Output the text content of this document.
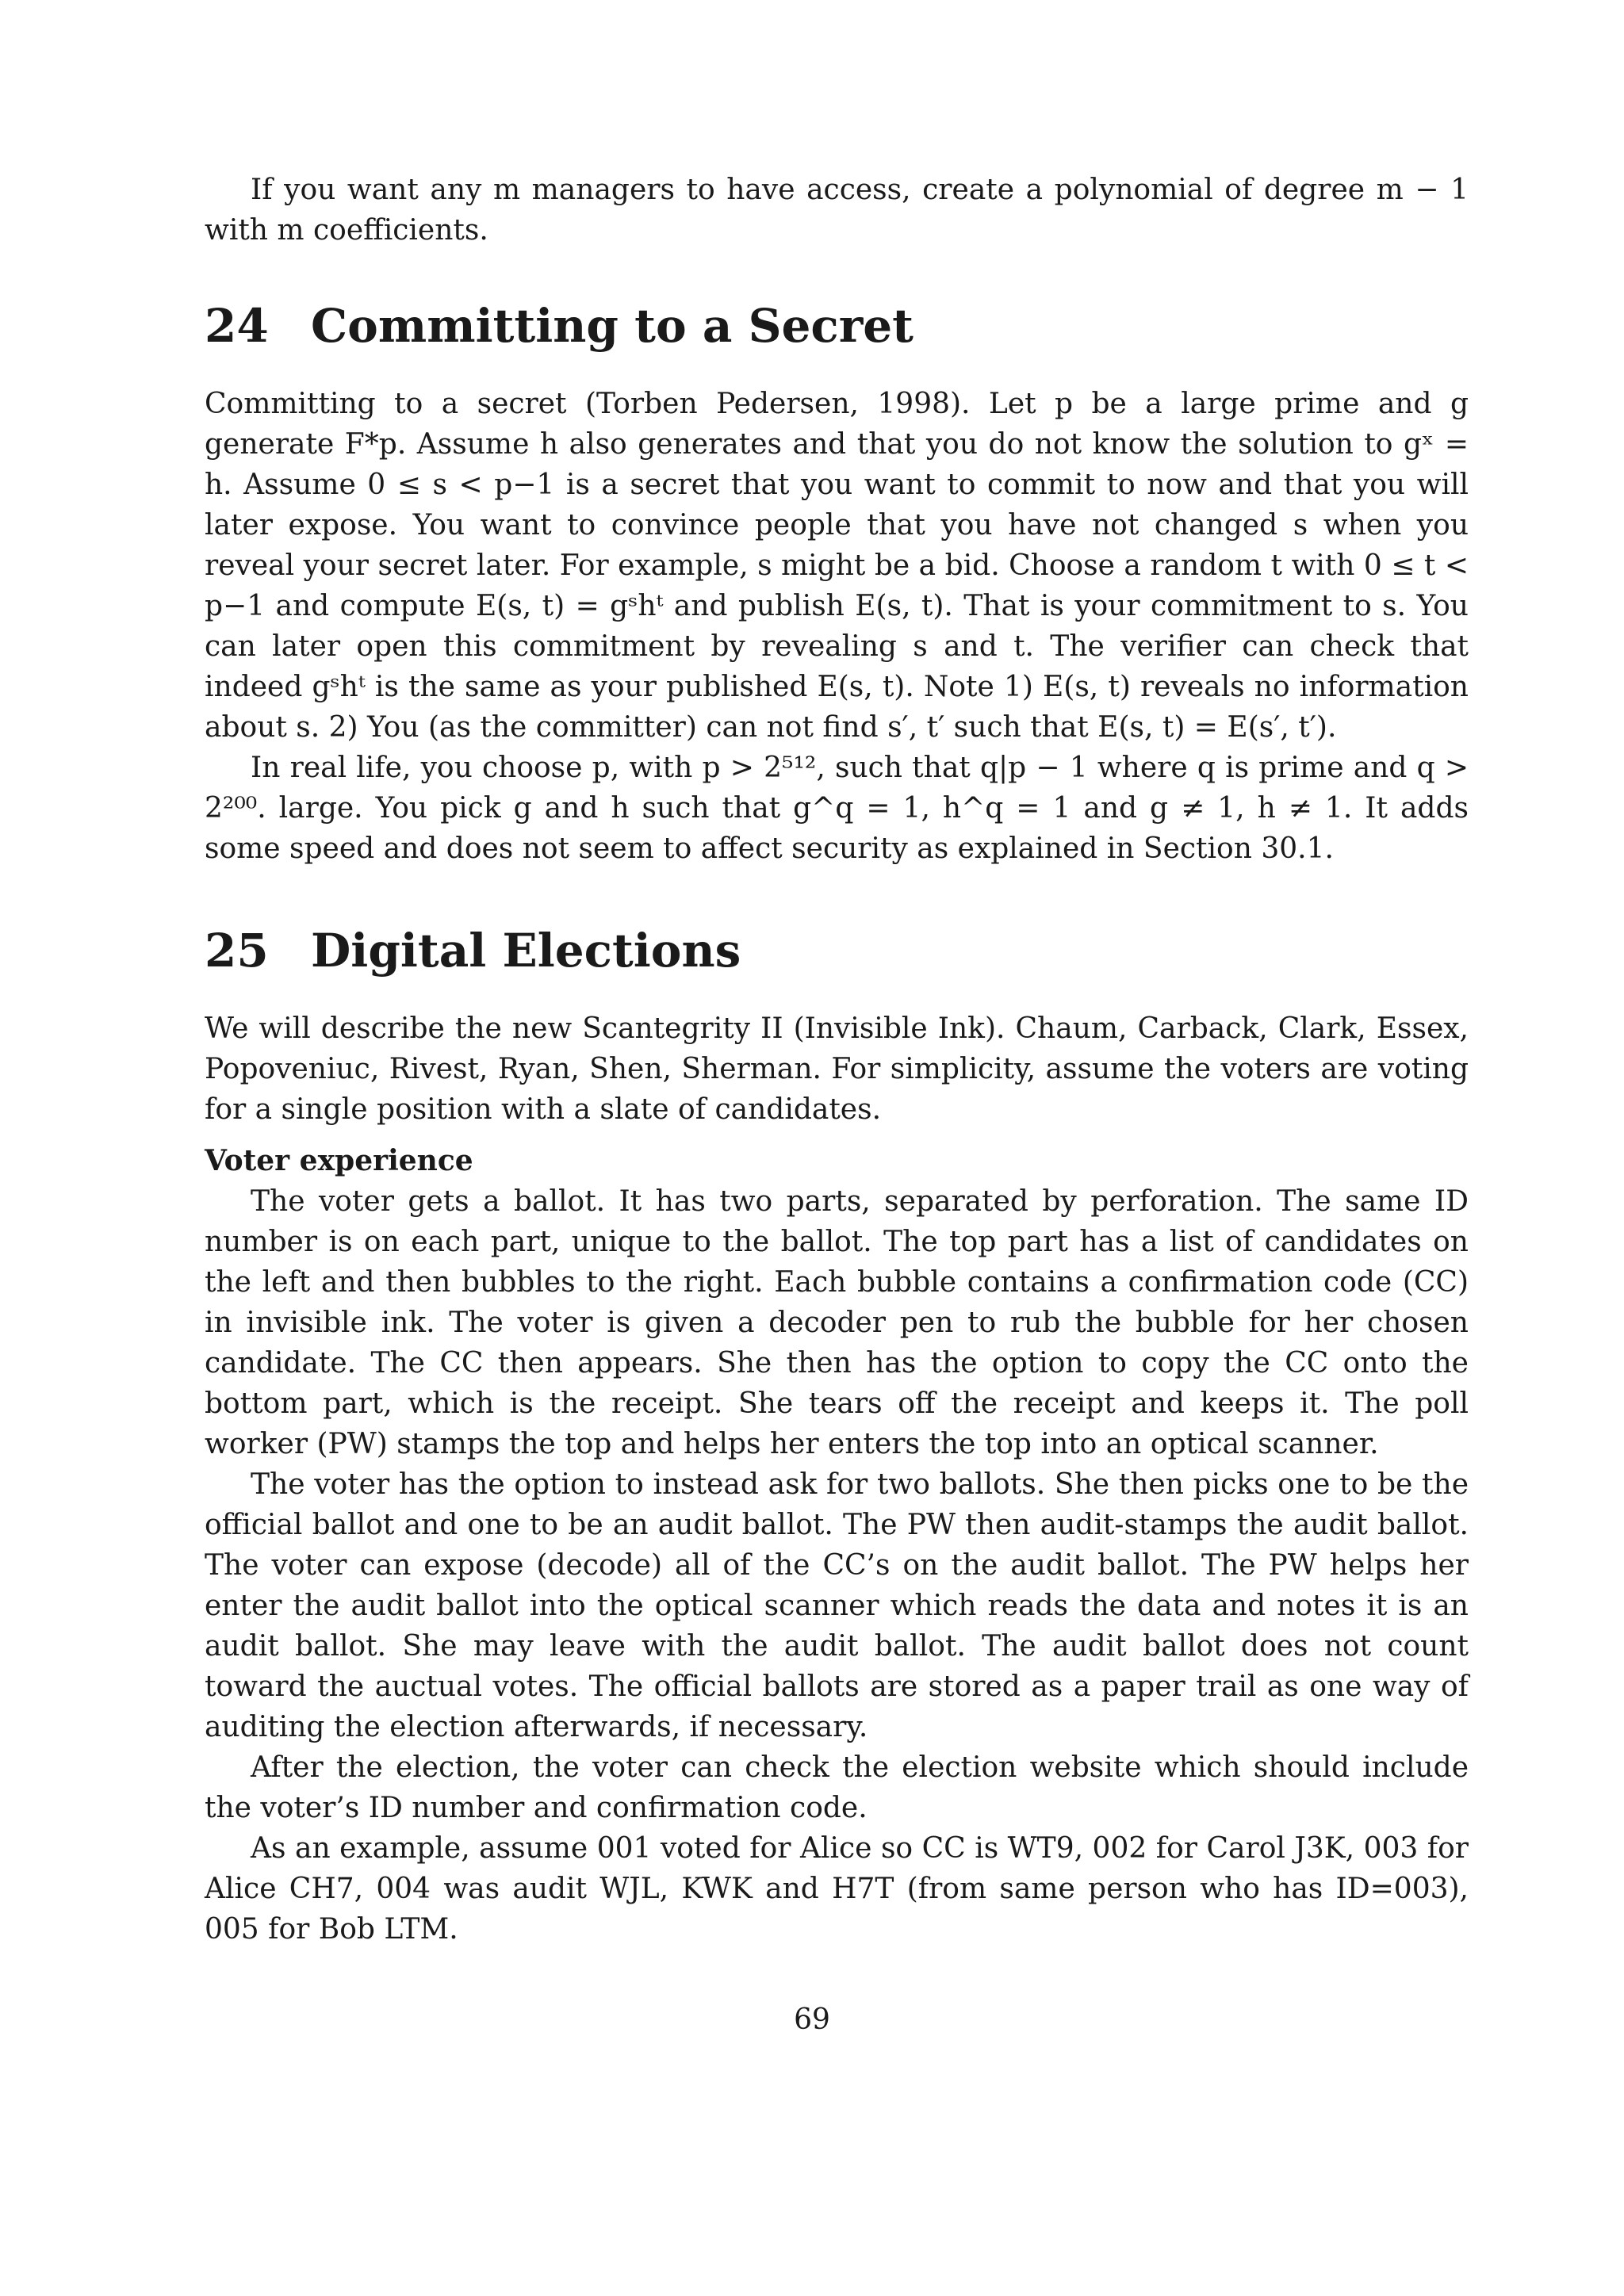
If you want any m managers to have access, create a polynomial of degree m − 1 with m coefficients.

24 Committing to a Secret

Committing to a secret (Torben Pedersen, 1998). Let p be a large prime and g generate F*p. Assume h also generates and that you do not know the solution to gˣ = h. Assume 0 ≤ s < p−1 is a secret that you want to commit to now and that you will later expose. You want to convince people that you have not changed s when you reveal your secret later. For example, s might be a bid. Choose a random t with 0 ≤ t < p−1 and compute E(s, t) = gˢhᵗ and publish E(s, t). That is your commitment to s. You can later open this commitment by revealing s and t. The verifier can check that indeed gˢhᵗ is the same as your published E(s, t). Note 1) E(s, t) reveals no information about s. 2) You (as the committer) can not find s′, t′ such that E(s, t) = E(s′, t′).

In real life, you choose p, with p > 2⁵¹², such that q|p − 1 where q is prime and q > 2²⁰⁰. large. You pick g and h such that g^q = 1, h^q = 1 and g ≠ 1, h ≠ 1. It adds some speed and does not seem to affect security as explained in Section 30.1.

25 Digital Elections

We will describe the new Scantegrity II (Invisible Ink). Chaum, Carback, Clark, Essex, Popoveniuc, Rivest, Ryan, Shen, Sherman. For simplicity, assume the voters are voting for a single position with a slate of candidates.

Voter experience

The voter gets a ballot. It has two parts, separated by perforation. The same ID number is on each part, unique to the ballot. The top part has a list of candidates on the left and then bubbles to the right. Each bubble contains a confirmation code (CC) in invisible ink. The voter is given a decoder pen to rub the bubble for her chosen candidate. The CC then appears. She then has the option to copy the CC onto the bottom part, which is the receipt. She tears off the receipt and keeps it. The poll worker (PW) stamps the top and helps her enters the top into an optical scanner.

The voter has the option to instead ask for two ballots. She then picks one to be the official ballot and one to be an audit ballot. The PW then audit-stamps the audit ballot. The voter can expose (decode) all of the CC’s on the audit ballot. The PW helps her enter the audit ballot into the optical scanner which reads the data and notes it is an audit ballot. She may leave with the audit ballot. The audit ballot does not count toward the auctual votes. The official ballots are stored as a paper trail as one way of auditing the election afterwards, if necessary.

After the election, the voter can check the election website which should include the voter’s ID number and confirmation code.

As an example, assume 001 voted for Alice so CC is WT9, 002 for Carol J3K, 003 for Alice CH7, 004 was audit WJL, KWK and H7T (from same person who has ID=003), 005 for Bob LTM.

69
